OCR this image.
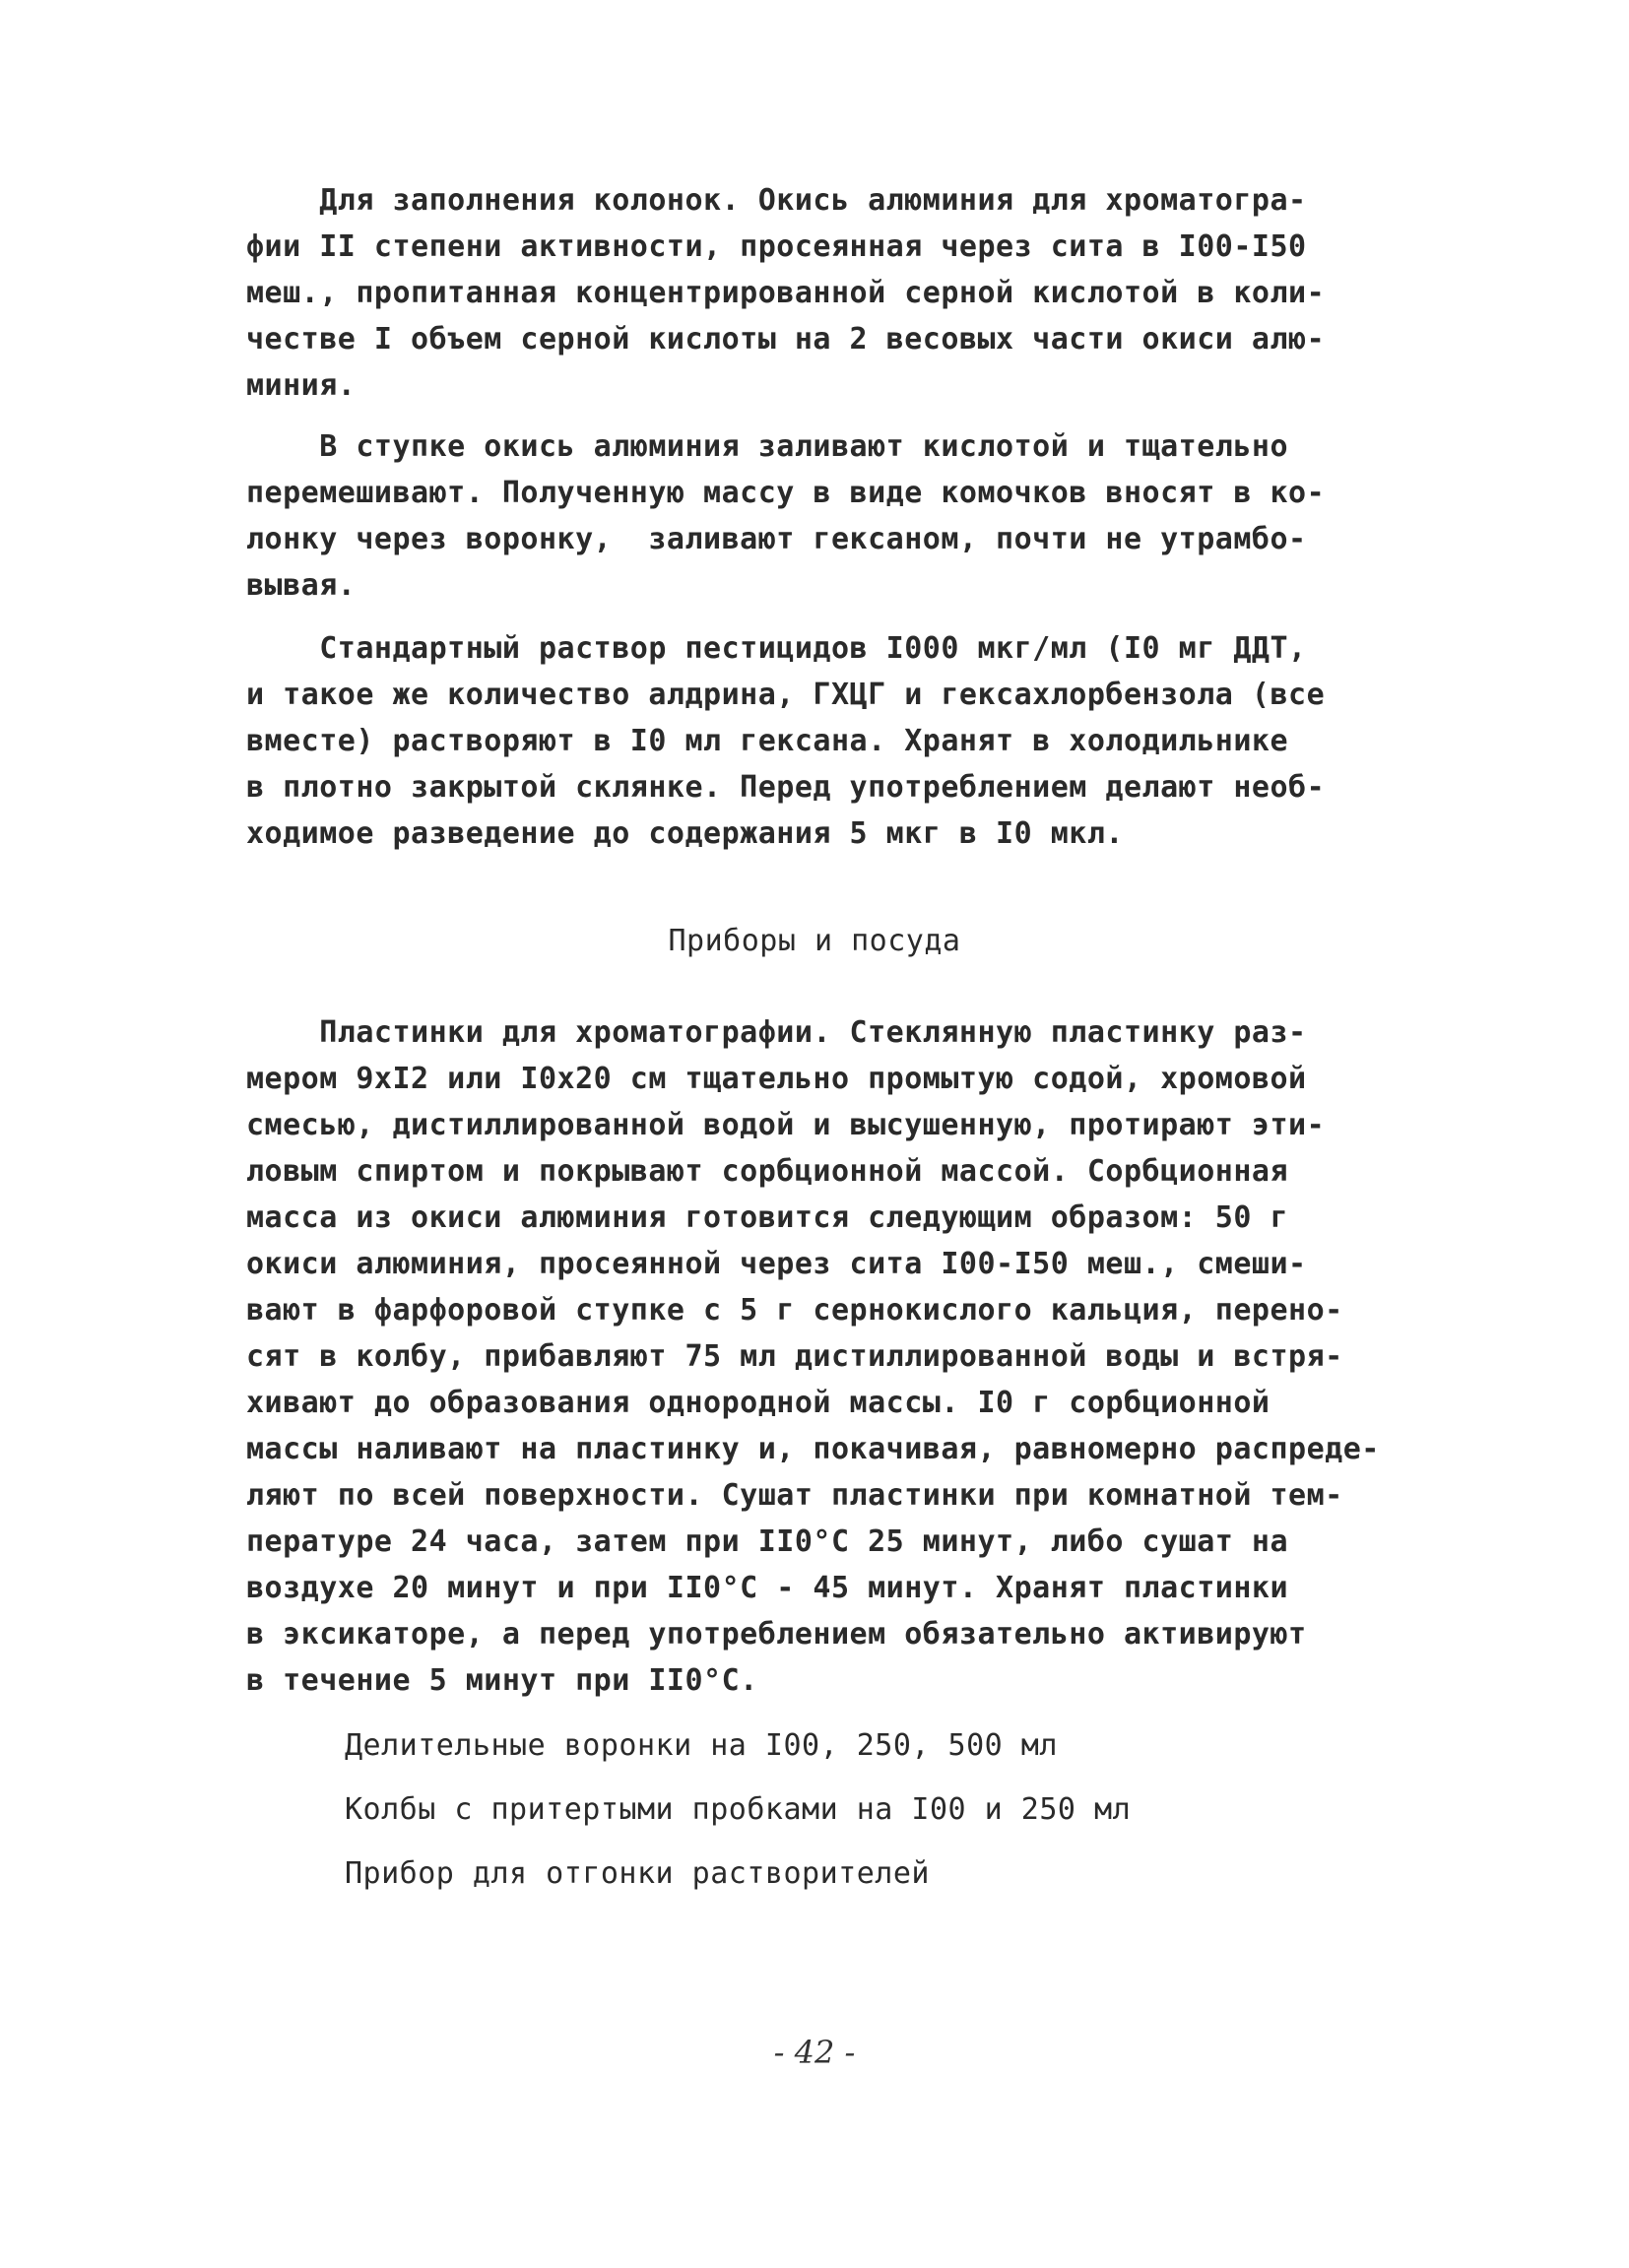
Для заполнения колонок. Окись алюминия для хроматогра-
фии II степени активности, просеянная через сита в I00-I50
меш., пропитанная концентрированной серной кислотой в коли-
честве I объем серной кислоты на 2 весовых части окиси алю-
миния.
В ступке окись алюминия заливают кислотой и тщательно
перемешивают. Полученную массу в виде комочков вносят в ко-
лонку через воронку,  заливают гексаном, почти не утрамбо-
вывая.
Стандартный раствор пестицидов I000 мкг/мл (I0 мг ДДТ,
и такое же количество алдрина, ГХЦГ и гексахлорбензола (все
вместе) растворяют в I0 мл гексана. Хранят в холодильнике
в плотно закрытой склянке. Перед употреблением делают необ-
ходимое разведение до содержания 5 мкг в I0 мкл.
Приборы и посуда
Пластинки для хроматографии. Стеклянную пластинку раз-
мером 9xI2 или I0x20 см тщательно промытую содой, хромовой
смесью, дистиллированной водой и высушенную, протирают эти-
ловым спиртом и покрывают сорбционной массой. Сорбционная
масса из окиси алюминия готовится следующим образом: 50 г
окиси алюминия, просеянной через сита I00-I50 меш., смеши-
вают в фарфоровой ступке с 5 г сернокислого кальция, перено-
сят в колбу, прибавляют 75 мл дистиллированной воды и встря-
хивают до образования однородной массы. I0 г сорбционной
массы наливают на пластинку и, покачивая, равномерно распреде-
ляют по всей поверхности. Сушат пластинки при комнатной тем-
пературе 24 часа, затем при II0°С 25 минут, либо сушат на
воздухе 20 минут и при II0°С - 45 минут. Хранят пластинки
в эксикаторе, а перед употреблением обязательно активируют
в течение 5 минут при II0°С.
Делительные воронки на I00, 250, 500 мл
Колбы с притертыми пробками на I00 и 250 мл
Прибор для отгонки растворителей
- 42 -
